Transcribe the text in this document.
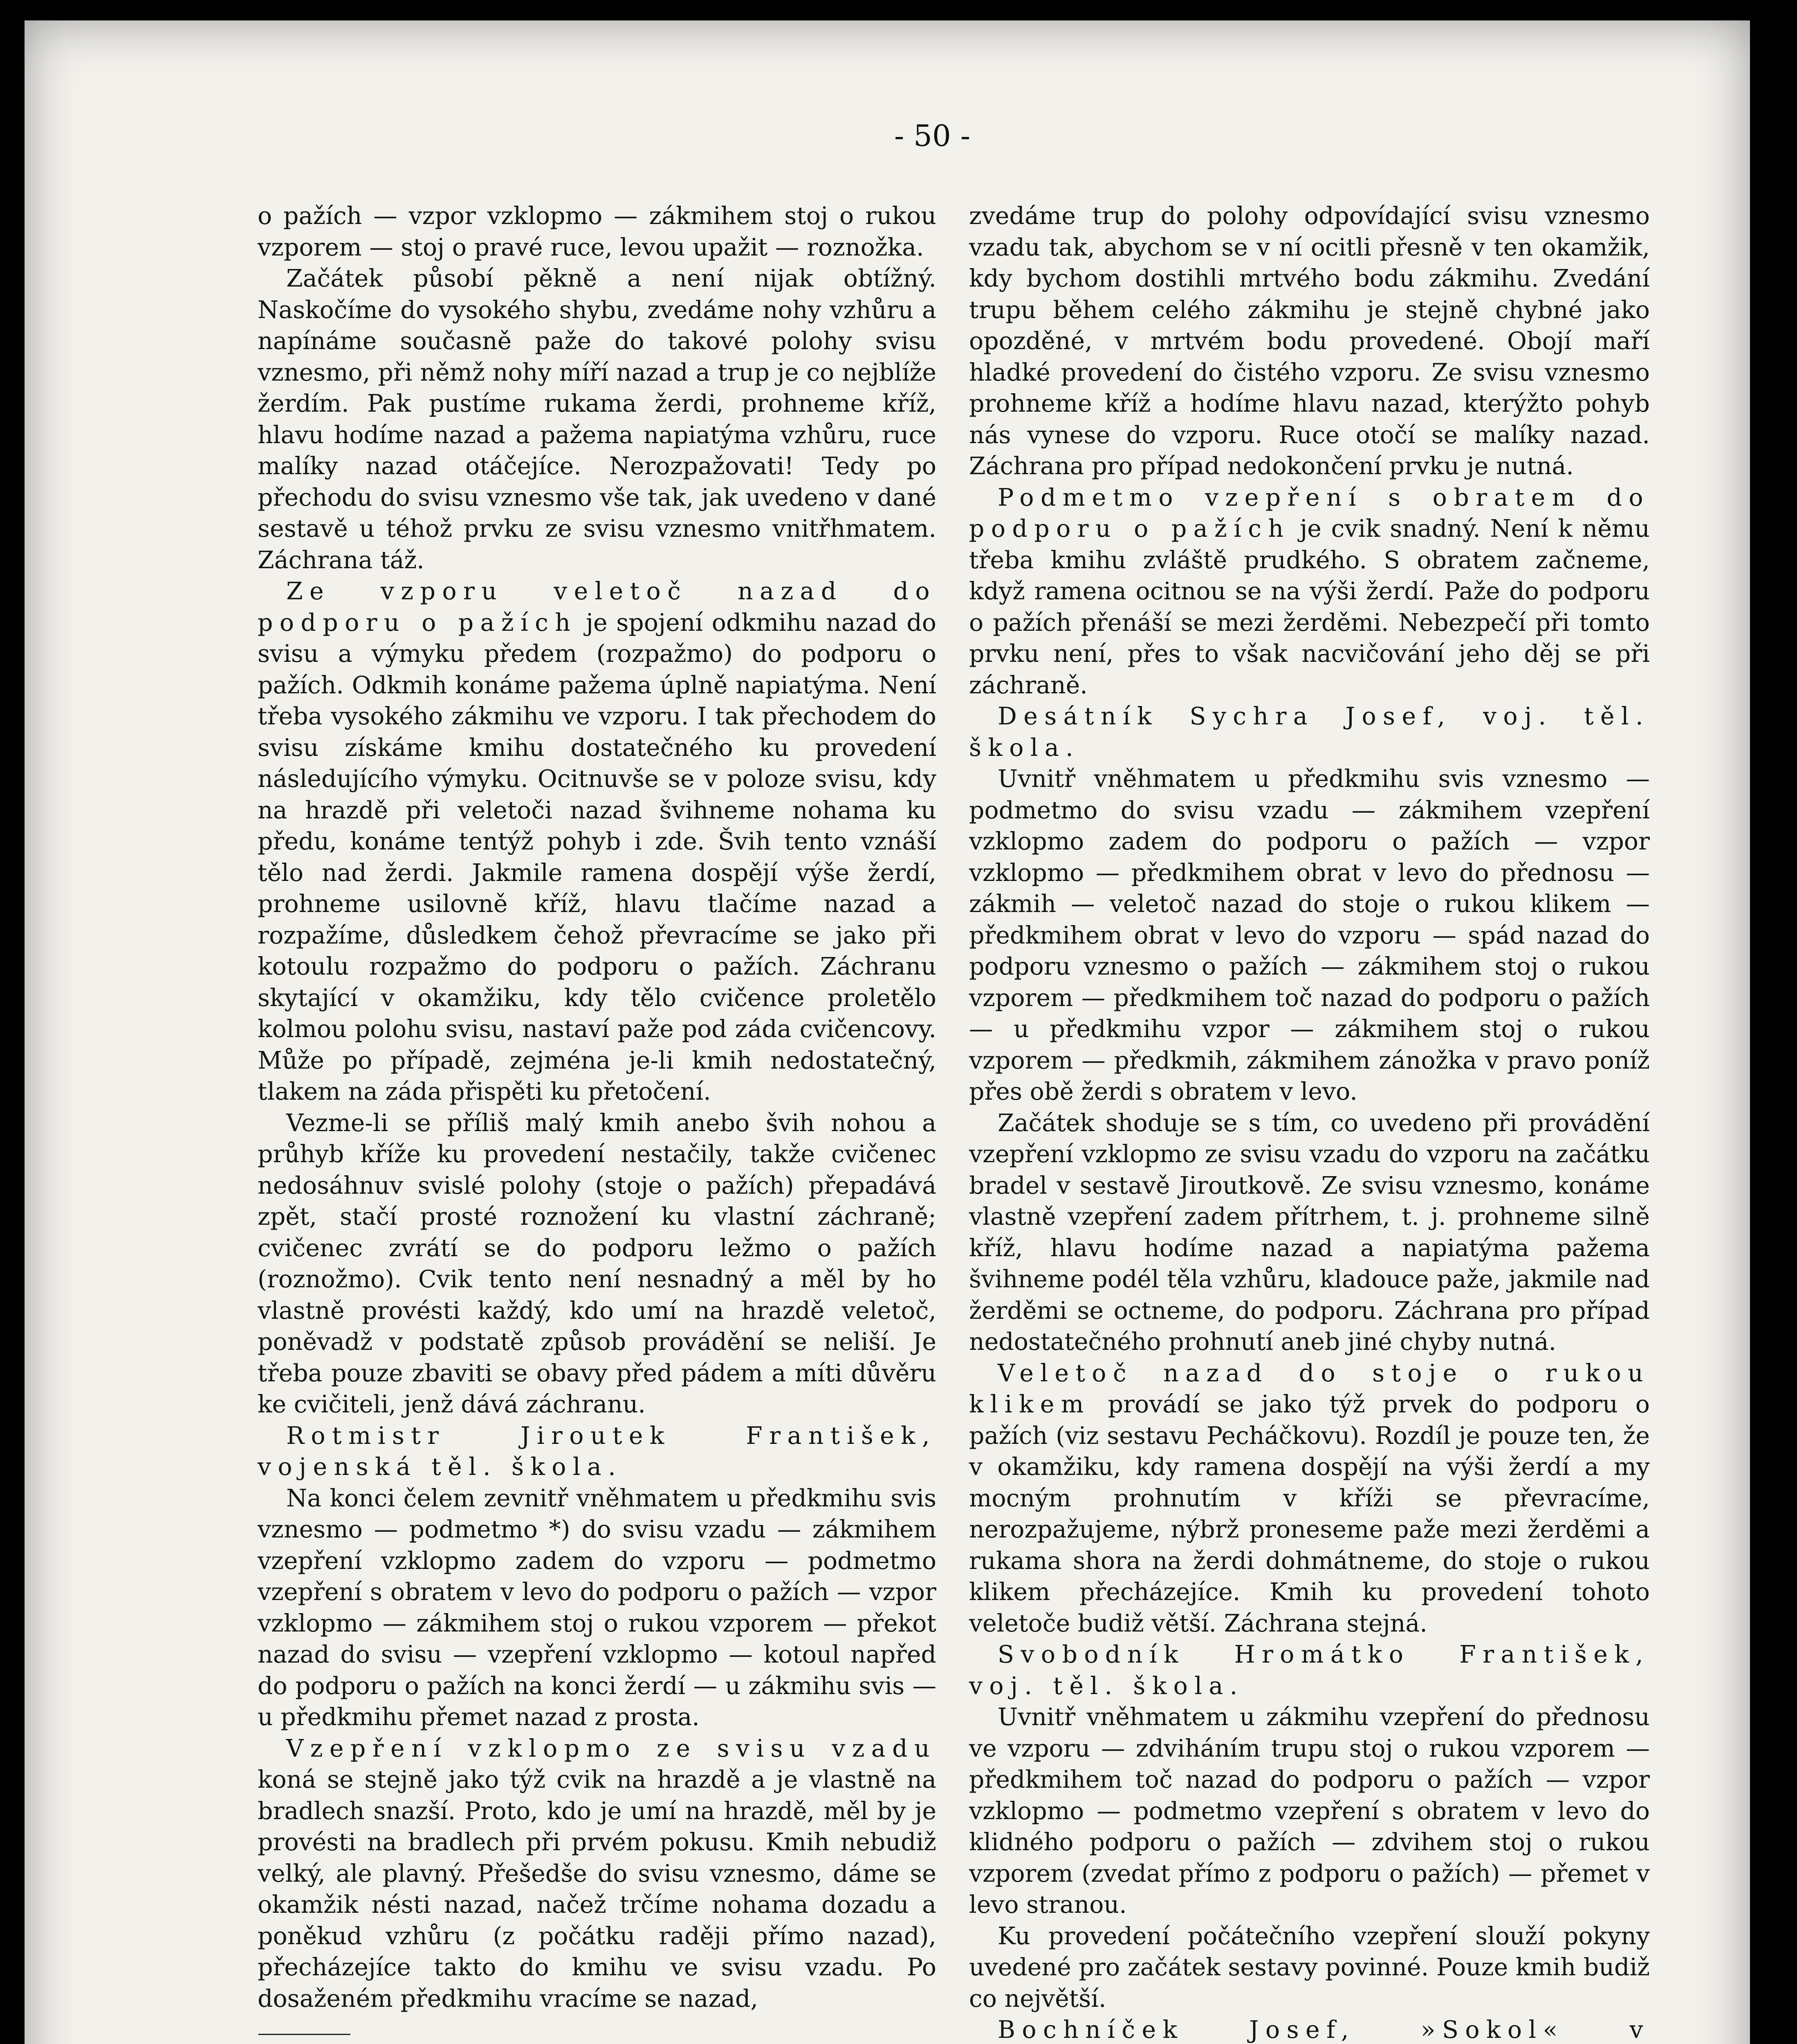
- 50 -

o pažích — vzpor vzklopmo — zákmihem stoj o rukou vzporem — stoj o pravé ruce, levou upažit — roznožka.

Začátek působí pěkně a není nijak obtížný. Naskočíme do vysokého shybu, zvedáme nohy vzhůru a napínáme současně paže do takové polohy svisu vznesmo, při němž nohy míří nazad a trup je co nejblíže žerdím. Pak pustíme rukama žerdi, prohneme kříž, hlavu hodíme nazad a pažema napiatýma vzhůru, ruce malíky nazad otáčejíce. Nerozpažovati! Tedy po přechodu do svisu vznesmo vše tak, jak uvedeno v dané sestavě u téhož prvku ze svisu vznesmo vnitřhmatem. Záchrana táž.

Ze vzporu veletoč nazad do podporu o pažích je spojení odkmihu nazad do svisu a výmyku předem (rozpažmo) do podporu o pažích. Odkmih konáme pažema úplně napiatýma. Není třeba vysokého zákmihu ve vzporu. I tak přechodem do svisu získáme kmihu dostatečného ku provedení následujícího výmyku. Ocitnuvše se v poloze svisu, kdy na hrazdě při veletoči nazad švihneme nohama ku předu, konáme tentýž pohyb i zde. Švih tento vznáší tělo nad žerdi. Jakmile ramena dospějí výše žerdí, prohneme usilovně kříž, hlavu tlačíme nazad a rozpažíme, důsledkem čehož převracíme se jako při kotoulu rozpažmo do podporu o pažích. Záchranu skytající v okamžiku, kdy tělo cvičence proletělo kolmou polohu svisu, nastaví paže pod záda cvičencovy. Může po případě, zejména je-li kmih nedostatečný, tlakem na záda přispěti ku přetočení.

Vezme-li se příliš malý kmih anebo švih nohou a průhyb kříže ku provedení nestačily, takže cvičenec nedosáhnuv svislé polohy (stoje o pažích) přepadává zpět, stačí prosté roznožení ku vlastní záchraně; cvičenec zvrátí se do podporu ležmo o pažích (roznožmo). Cvik tento není nesnadný a měl by ho vlastně provésti každý, kdo umí na hrazdě veletoč, poněvadž v podstatě způsob provádění se neliší. Je třeba pouze zbaviti se obavy před pádem a míti důvěru ke cvičiteli, jenž dává záchranu.

Rotmistr Jiroutek František, vojenská těl. škola.

Na konci čelem zevnitř vněhmatem u předkmihu svis vznesmo — podmetmo *) do svisu vzadu — zákmihem vzepření vzklopmo zadem do vzporu — podmetmo vzepření s obratem v levo do podporu o pažích — vzpor vzklopmo — zákmihem stoj o rukou vzporem — překot nazad do svisu — vzepření vzklopmo — kotoul napřed do podporu o pažích na konci žerdí — u zákmihu svis — u předkmihu přemet nazad z prosta.

Vzepření vzklopmo ze svisu vzadu koná se stejně jako týž cvik na hrazdě a je vlastně na bradlech snazší. Proto, kdo je umí na hrazdě, měl by je provésti na bradlech při prvém pokusu. Kmih nebudiž velký, ale plavný. Přešedše do svisu vznesmo, dáme se okamžik nésti nazad, načež trčíme nohama dozadu a poněkud vzhůru (z počátku raději přímo nazad), přecházejíce takto do kmihu ve svisu vzadu. Po dosaženém předkmihu vracíme se nazad,

zvedáme trup do polohy odpovídající svisu vznesmo vzadu tak, abychom se v ní ocitli přesně v ten okamžik, kdy bychom dostihli mrtvého bodu zákmihu. Zvedání trupu během celého zákmihu je stejně chybné jako opozděné, v mrtvém bodu provedené. Obojí maří hladké provedení do čistého vzporu. Ze svisu vznesmo prohneme kříž a hodíme hlavu nazad, kterýžto pohyb nás vynese do vzporu. Ruce otočí se malíky nazad. Záchrana pro případ nedokončení prvku je nutná.

Podmetmo vzepření s obratem do podporu o pažích je cvik snadný. Není k němu třeba kmihu zvláště prudkého. S obratem začneme, když ramena ocitnou se na výši žerdí. Paže do podporu o pažích přenáší se mezi žerděmi. Nebezpečí při tomto prvku není, přes to však nacvičování jeho děj se při záchraně.

Desátník Sychra Josef, voj. těl. škola.

Uvnitř vněhmatem u předkmihu svis vznesmo — podmetmo do svisu vzadu — zákmihem vzepření vzklopmo zadem do podporu o pažích — vzpor vzklopmo — předkmihem obrat v levo do přednosu — zákmih — veletoč nazad do stoje o rukou klikem — předkmihem obrat v levo do vzporu — spád nazad do podporu vznesmo o pažích — zákmihem stoj o rukou vzporem — předkmihem toč nazad do podporu o pažích — u předkmihu vzpor — zákmihem stoj o rukou vzporem — předkmih, zákmihem zánožka v pravo poníž přes obě žerdi s obratem v levo.

Začátek shoduje se s tím, co uvedeno při provádění vzepření vzklopmo ze svisu vzadu do vzporu na začátku bradel v sestavě Jiroutkově. Ze svisu vznesmo, konáme vlastně vzepření zadem přítrhem, t. j. prohneme silně kříž, hlavu hodíme nazad a napiatýma pažema švihneme podél těla vzhůru, kladouce paže, jakmile nad žerděmi se octneme, do podporu. Záchrana pro případ nedostatečného prohnutí aneb jiné chyby nutná.

Veletoč nazad do stoje o rukou klikem provádí se jako týž prvek do podporu o pažích (viz sestavu Pecháčkovu). Rozdíl je pouze ten, že v okamžiku, kdy ramena dospějí na výši žerdí a my mocným prohnutím v kříži se převracíme, nerozpažujeme, nýbrž proneseme paže mezi žerděmi a rukama shora na žerdi dohmátneme, do stoje o rukou klikem přecházejíce. Kmih ku provedení tohoto veletoče budiž větší. Záchrana stejná.

Svobodník Hromátko František, voj. těl. škola.

Uvnitř vněhmatem u zákmihu vzepření do přednosu ve vzporu — zdviháním trupu stoj o rukou vzporem — předkmihem toč nazad do podporu o pažích — vzpor vzklopmo — podmetmo vzepření s obratem v levo do klidného podporu o pažích — zdvihem stoj o rukou vzporem (zvedat přímo z podporu o pažích) — přemet v levo stranou.

Ku provedení počátečního vzepření slouží pokyny uvedené pro začátek sestavy povinné. Pouze kmih budiž co největší.

Bochníček Josef, »Sokol« v
